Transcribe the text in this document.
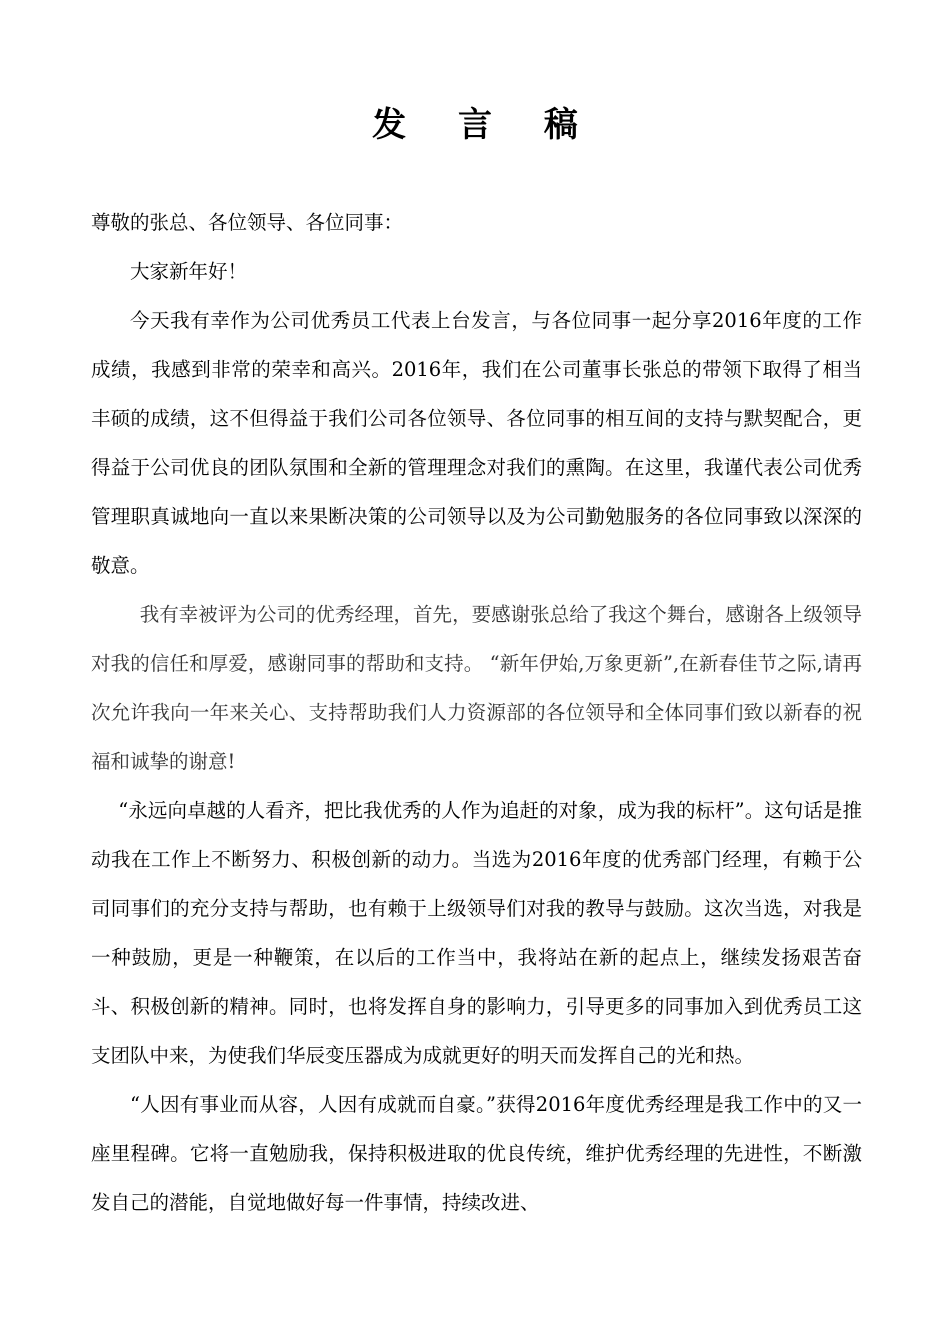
发 言 稿

尊敬的张总、各位领导、各位同事：

大家新年好！

今天我有幸作为公司优秀员工代表上台发言，与各位同事一起分享2016年度的工作成绩，我感到非常的荣幸和高兴。2016年，我们在公司董事长张总的带领下取得了相当丰硕的成绩，这不但得益于我们公司各位领导、各位同事的相互间的支持与默契配合，更得益于公司优良的团队氛围和全新的管理理念对我们的熏陶。在这里，我谨代表公司优秀管理职真诚地向一直以来果断决策的公司领导以及为公司勤勉服务的各位同事致以深深的敬意。

我有幸被评为公司的优秀经理，首先，要感谢张总给了我这个舞台，感谢各上级领导对我的信任和厚爱，感谢同事的帮助和支持。 “新年伊始,万象更新”,在新春佳节之际,请再次允许我向一年来关心、支持帮助我们人力资源部的各位领导和全体同事们致以新春的祝福和诚挚的谢意!

“永远向卓越的人看齐，把比我优秀的人作为追赶的对象，成为我的标杆”。这句话是推动我在工作上不断努力、积极创新的动力。当选为2016年度的优秀部门经理，有赖于公司同事们的充分支持与帮助，也有赖于上级领导们对我的教导与鼓励。这次当选，对我是一种鼓励，更是一种鞭策，在以后的工作当中，我将站在新的起点上，继续发扬艰苦奋斗、积极创新的精神。同时，也将发挥自身的影响力，引导更多的同事加入到优秀员工这支团队中来，为使我们华辰变压器成为成就更好的明天而发挥自己的光和热。

“人因有事业而从容，人因有成就而自豪。”获得2016年度优秀经理是我工作中的又一座里程碑。它将一直勉励我，保持积极进取的优良传统，维护优秀经理的先进性，不断激发自己的潜能，自觉地做好每一件事情，持续改进、
